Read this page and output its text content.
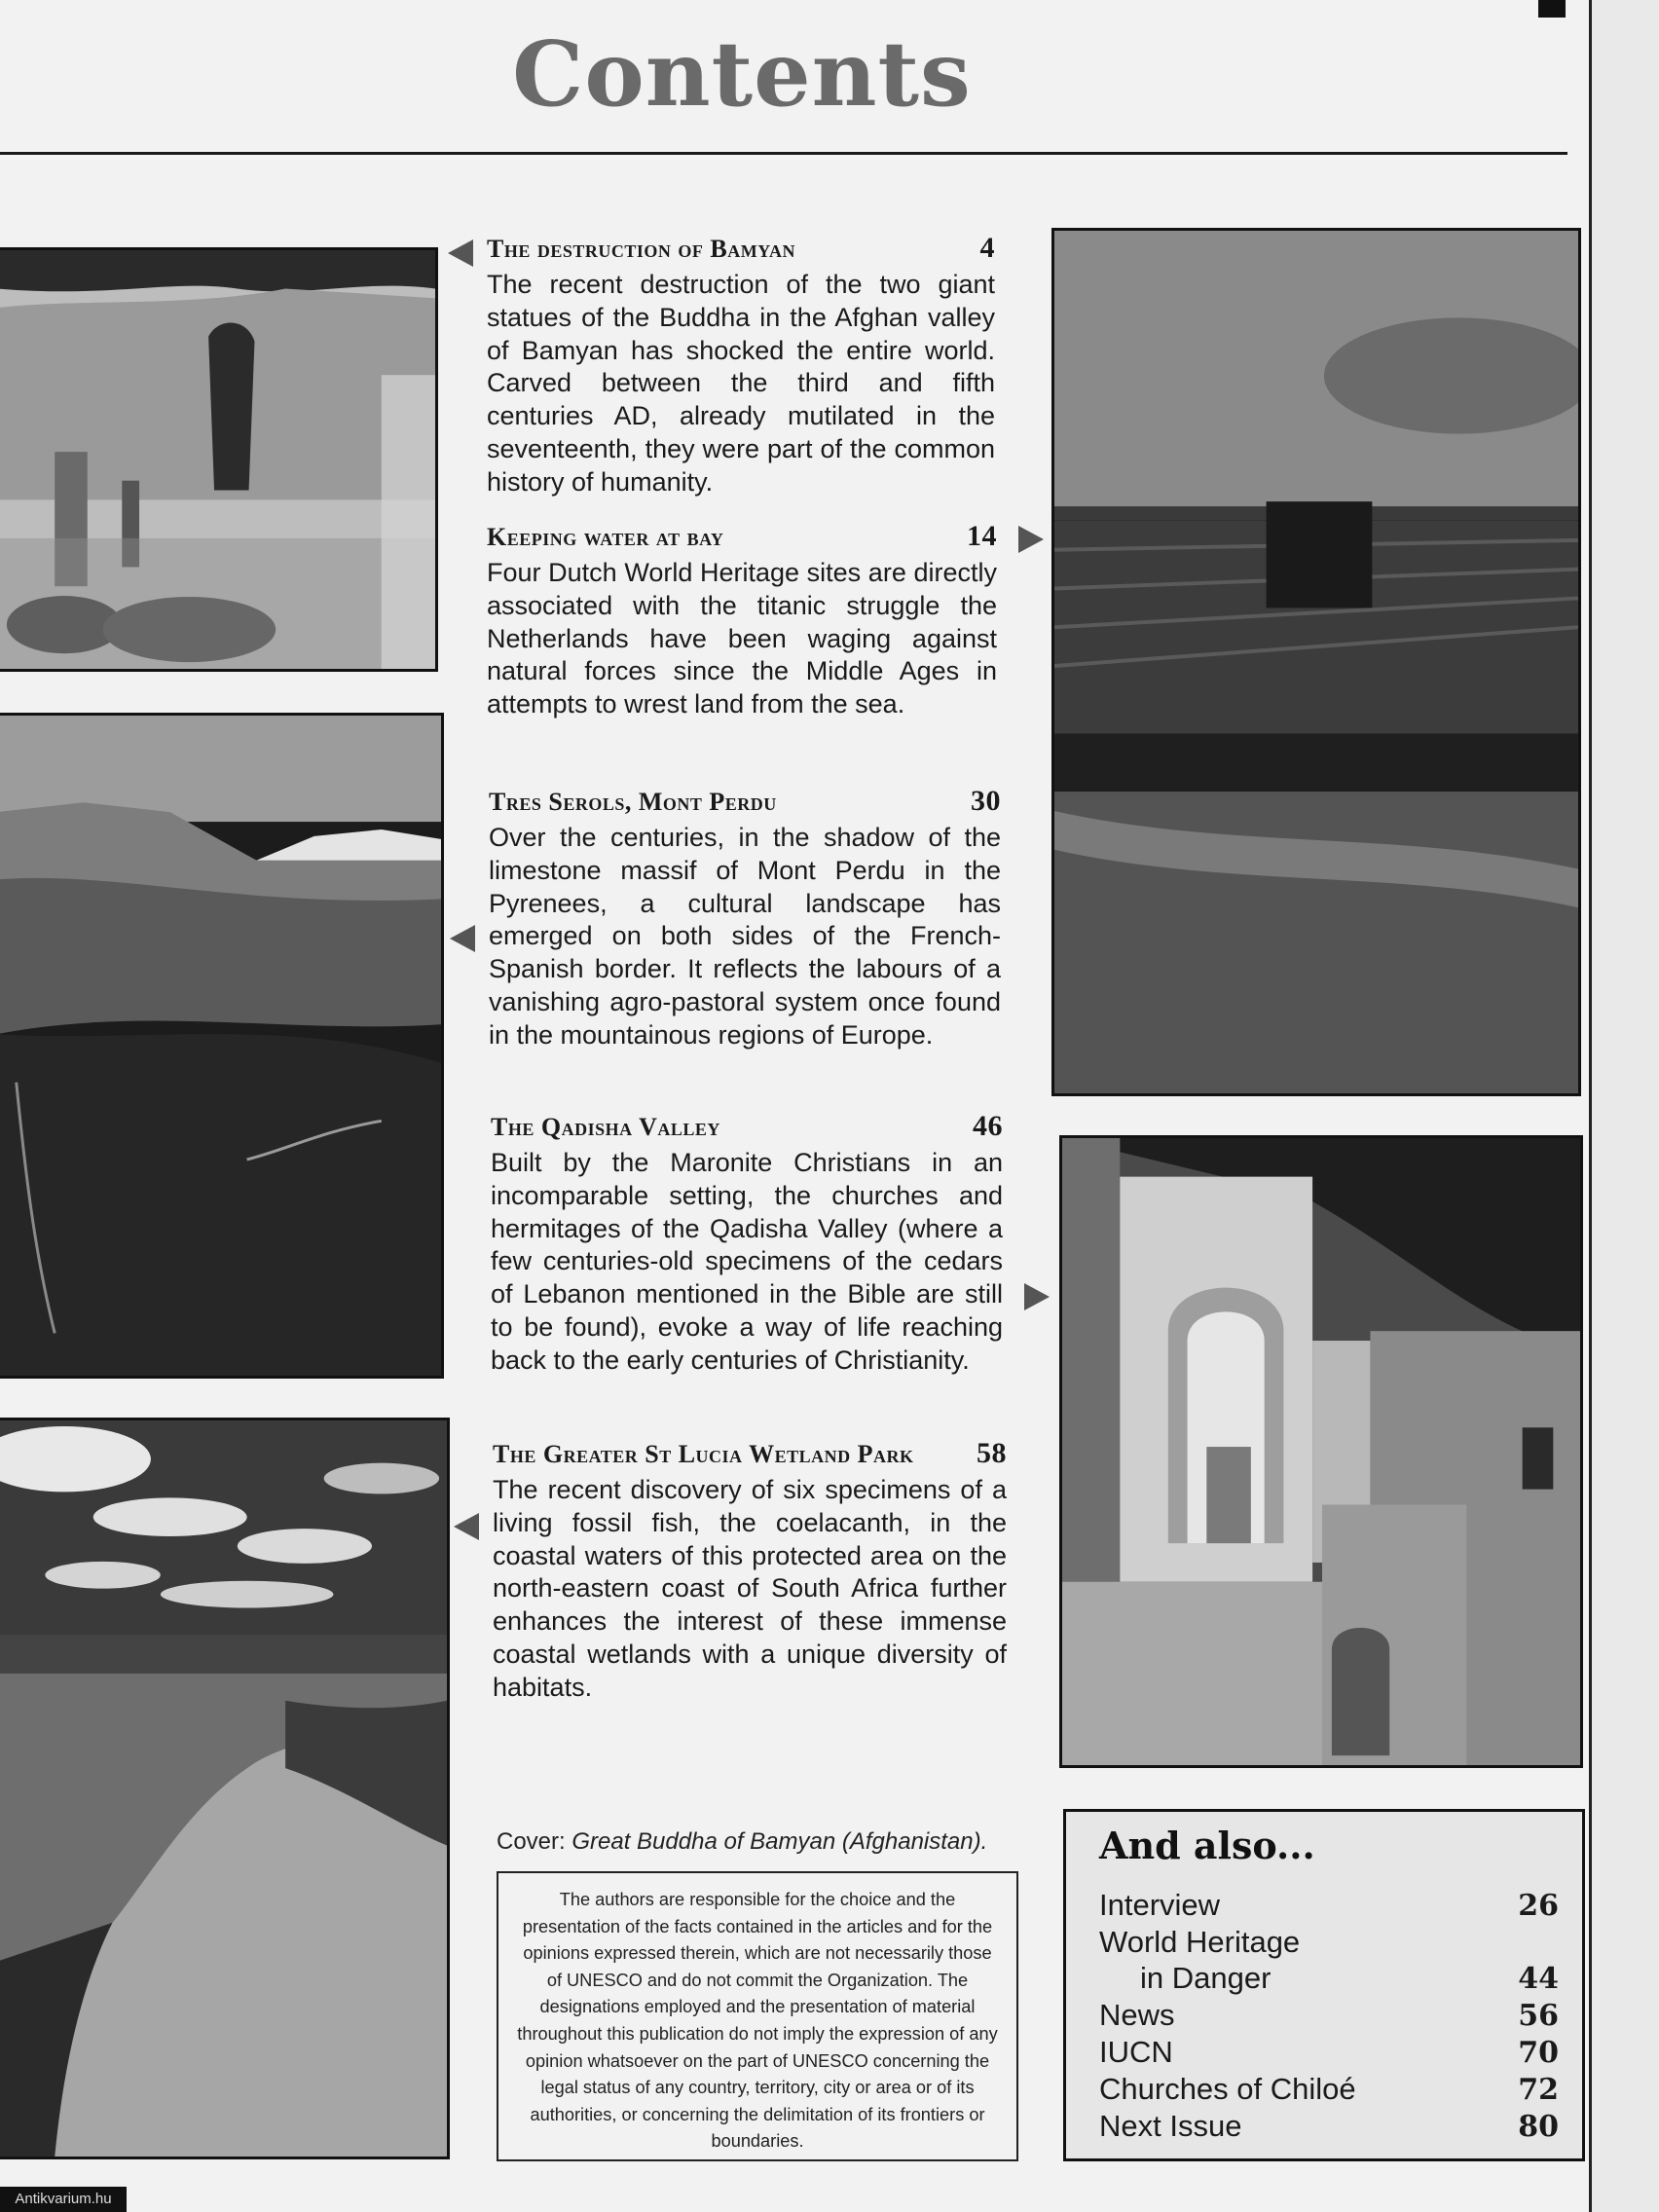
Contents
The destruction of Bamyan	4
The recent destruction of the two giant statues of the Buddha in the Afghan valley of Bamyan has shocked the entire world. Carved between the third and fifth centuries AD, already mutilated in the seventeenth, they were part of the common history of humanity.
Keeping water at bay	14
Four Dutch World Heritage sites are directly associated with the titanic struggle the Netherlands have been waging against natural forces since the Middle Ages in attempts to wrest land from the sea.
Tres Serols, Mont Perdu	30
Over the centuries, in the shadow of the limestone massif of Mont Perdu in the Pyrenees, a cultural landscape has emerged on both sides of the French-Spanish border. It reflects the labours of a vanishing agro-pastoral system once found in the mountainous regions of Europe.
The Qadisha Valley	46
Built by the Maronite Christians in an incomparable setting, the churches and hermitages of the Qadisha Valley (where a few centuries-old specimens of the cedars of Lebanon mentioned in the Bible are still to be found), evoke a way of life reaching back to the early centuries of Christianity.
The Greater St Lucia Wetland Park 58
The recent discovery of six specimens of a living fossil fish, the coelacanth, in the coastal waters of this protected area on the north-eastern coast of South Africa further enhances the interest of these immense coastal wetlands with a unique diversity of habitats.
Cover: Great Buddha of Bamyan (Afghanistan).
The authors are responsible for the choice and the presentation of the facts contained in the articles and for the opinions expressed therein, which are not necessarily those of UNESCO and do not commit the Organization. The designations employed and the presentation of material throughout this publication do not imply the expression of any opinion whatsoever on the part of UNESCO concerning the legal status of any country, territory, city or area or of its authorities, or concerning the delimitation of its frontiers or boundaries.
And also...
Interview	26
World Heritage
in Danger	44
News	56
IUCN	70
Churches of Chiloé	72
Next Issue	80
Antikvarium.hu
